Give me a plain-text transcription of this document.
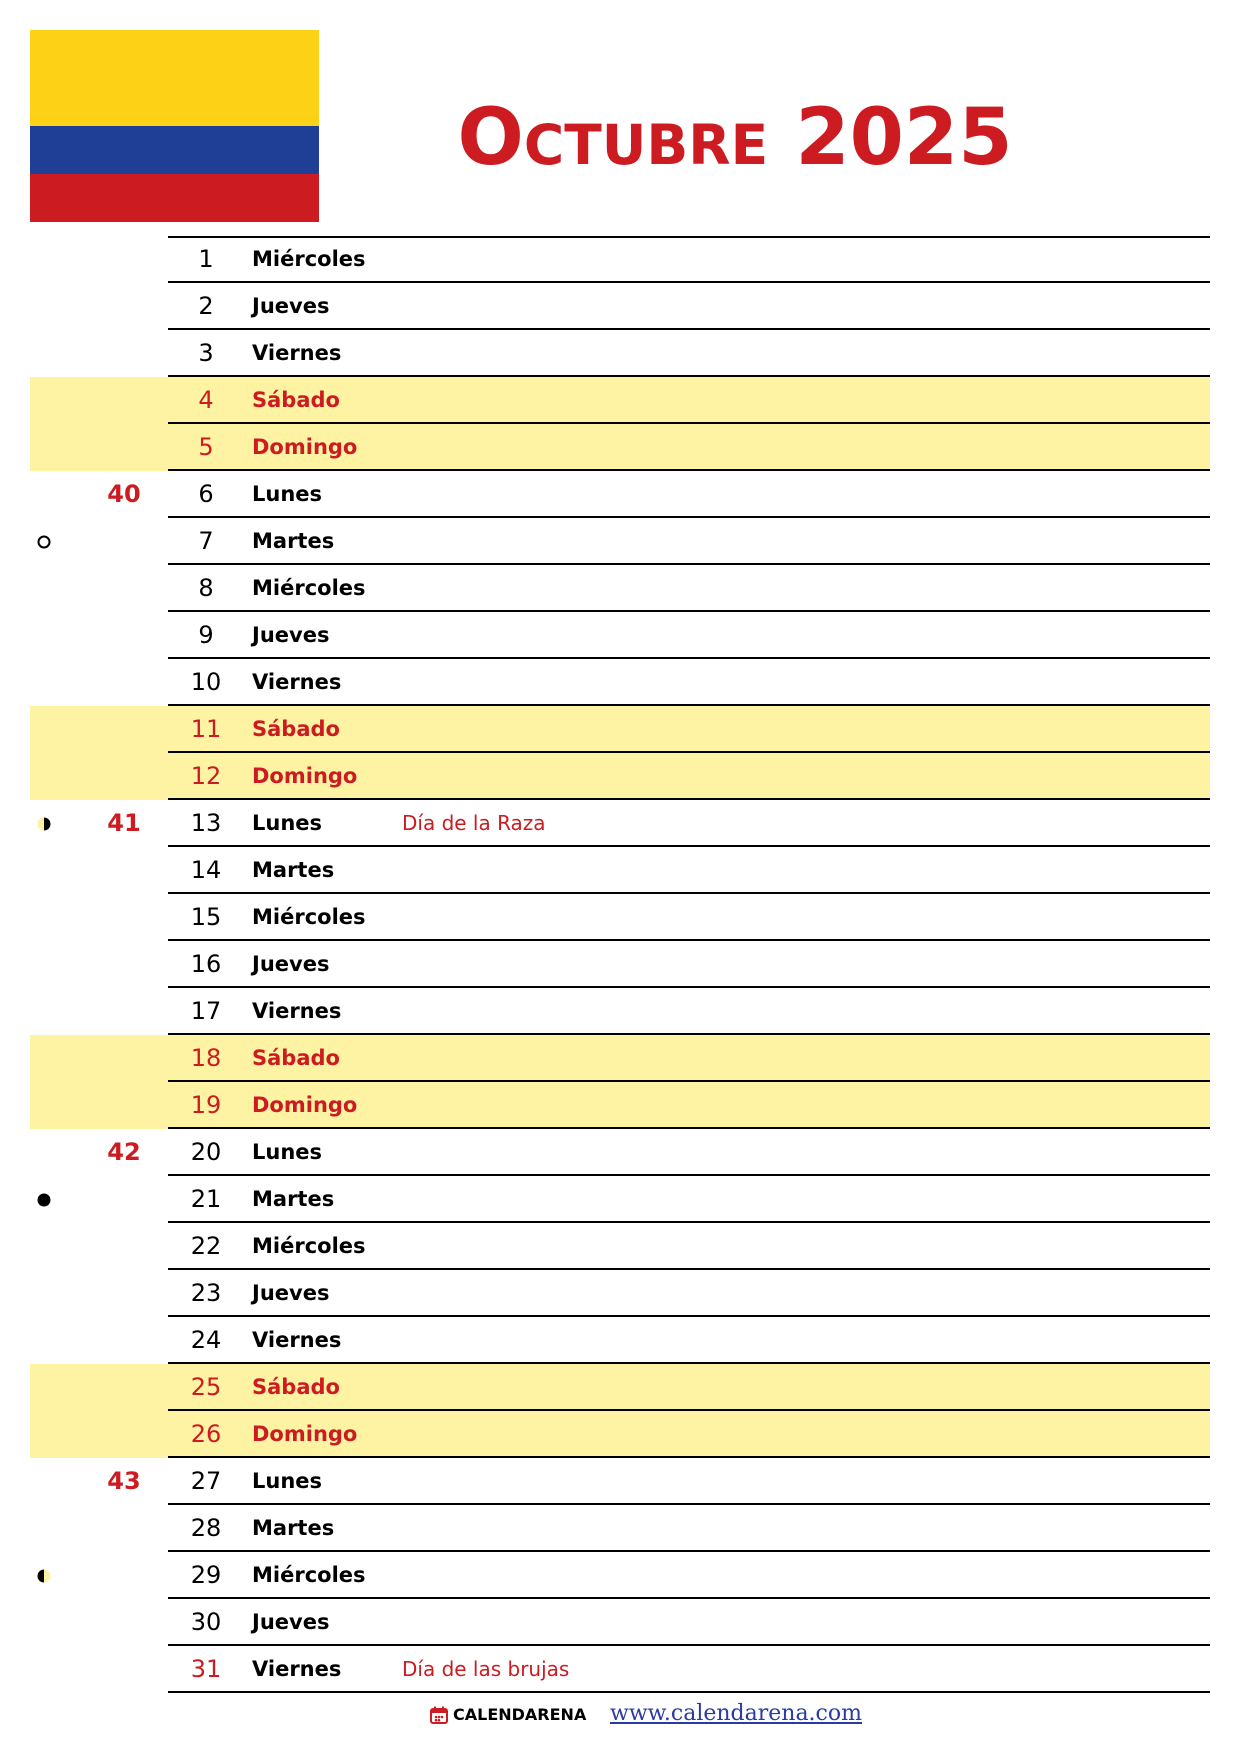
Octubre 2025
1	Miércoles
2	Jueves
3	Viernes
4	Sábado
5	Domingo
40	6	Lunes
7	Martes
8	Miércoles
9	Jueves
10	Viernes
11	Sábado
12	Domingo
41	13	Lunes	Día de la Raza
14	Martes
15	Miércoles
16	Jueves
17	Viernes
18	Sábado
19	Domingo
42	20	Lunes
21	Martes
22	Miércoles
23	Jueves
24	Viernes
25	Sábado
26	Domingo
43	27	Lunes
28	Martes
29	Miércoles
30	Jueves
31	Viernes	Día de las brujas
CALENDARENA www.calendarena.com
